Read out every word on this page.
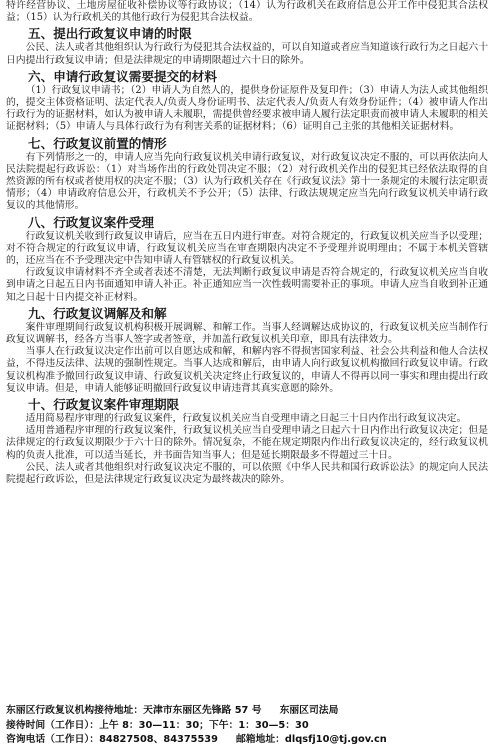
特许经营协议、土地房屋征收补偿协议等行政协议；（14）认为行政机关在政府信息公开工作中侵犯其合法权益；（15）认为行政机关的其他行政行为侵犯其合法权益。

五、提出行政复议申请的时限

公民、法人或者其他组织认为行政行为侵犯其合法权益的，可以自知道或者应当知道该行政行为之日起六十日内提出行政复议申请；但是法律规定的申请期限超过六十日的除外。

六、申请行政复议需要提交的材料

（1）行政复议申请书；（2）申请人为自然人的，提供身份证原件及复印件；（3）申请人为法人或其他组织的，提交主体资格证明、法定代表人/负责人身份证明书、法定代表人/负责人有效身份证件；（4）被申请人作出行政行为的证据材料，如认为被申请人未履职，需提供曾经要求被申请人履行法定职责而被申请人未履职的相关证据材料；（5）申请人与具体行政行为有利害关系的证据材料；（6）证明自己主张的其他相关证据材料。

七、行政复议前置的情形

有下列情形之一的，申请人应当先向行政复议机关申请行政复议，对行政复议决定不服的，可以再依法向人民法院提起行政诉讼：（1）对当场作出的行政处罚决定不服；（2）对行政机关作出的侵犯其已经依法取得的自然资源的所有权或者使用权的决定不服；（3）认为行政机关存在《行政复议法》第十一条规定的未履行法定职责情形；（4）申请政府信息公开，行政机关不予公开；（5）法律、行政法规规定应当先向行政复议机关申请行政复议的其他情形。

八、行政复议案件受理

行政复议机关收到行政复议申请后，应当在五日内进行审查。对符合规定的，行政复议机关应当予以受理；对不符合规定的行政复议申请，行政复议机关应当在审查期限内决定不予受理并说明理由；不属于本机关管辖的，还应当在不予受理决定中告知申请人有管辖权的行政复议机关。

行政复议申请材料不齐全或者表述不清楚，无法判断行政复议申请是否符合规定的，行政复议机关应当自收到申请之日起五日内书面通知申请人补正。补正通知应当一次性载明需要补正的事项。申请人应当自收到补正通知之日起十日内提交补正材料。

九、行政复议调解及和解

案件审理期间行政复议机构积极开展调解、和解工作。当事人经调解达成协议的，行政复议机关应当制作行政复议调解书，经各方当事人签字或者签章，并加盖行政复议机关印章，即具有法律效力。

当事人在行政复议决定作出前可以自愿达成和解，和解内容不得损害国家利益、社会公共利益和他人合法权益，不得违反法律、法规的强制性规定。当事人达成和解后，由申请人向行政复议机构撤回行政复议申请。行政复议机构准予撤回行政复议申请、行政复议机关决定终止行政复议的，申请人不得再以同一事实和理由提出行政复议申请。但是，申请人能够证明撤回行政复议申请违背其真实意愿的除外。

十、行政复议案件审理期限

适用简易程序审理的行政复议案件，行政复议机关应当自受理申请之日起三十日内作出行政复议决定。

适用普通程序审理的行政复议案件，行政复议机关应当自受理申请之日起六十日内作出行政复议决定；但是法律规定的行政复议期限少于六十日的除外。情况复杂，不能在规定期限内作出行政复议决定的，经行政复议机构的负责人批准，可以适当延长，并书面告知当事人；但是延长期限最多不得超过三十日。

公民、法人或者其他组织对行政复议决定不服的，可以依照《中华人民共和国行政诉讼法》的规定向人民法院提起行政诉讼，但是法律规定行政复议决定为最终裁决的除外。

东丽区行政复议机构接待地址：天津市东丽区先锋路 57 号 东丽区司法局
接待时间（工作日）：上午 8：30—11：30；下午：1：30—5：30
咨询电话（工作日）：84827508、84375539 邮箱地址：dlqsfj10@tj.gov.cn
